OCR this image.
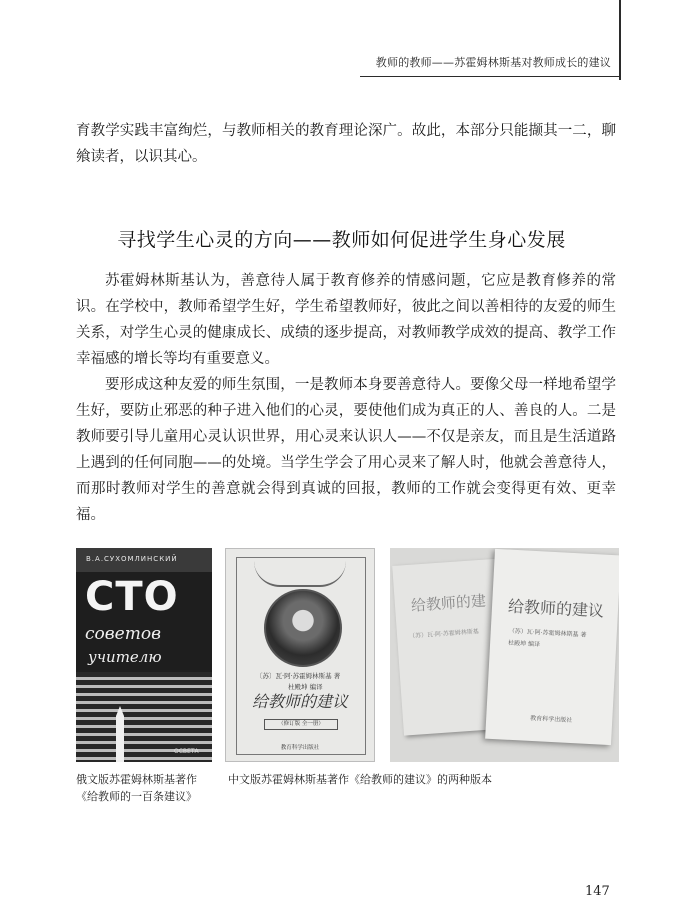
教师的教师——苏霍姆林斯基对教师成长的建议

育教学实践丰富绚烂，与教师相关的教育理论深广。故此，本部分只能撷其一二，聊飨读者，以识其心。

寻找学生心灵的方向——教师如何促进学生身心发展

苏霍姆林斯基认为，善意待人属于教育修养的情感问题，它应是教育修养的常识。在学校中，教师希望学生好，学生希望教师好，彼此之间以善相待的友爱的师生关系，对学生心灵的健康成长、成绩的逐步提高，对教师教学成效的提高、教学工作幸福感的增长等均有重要意义。

要形成这种友爱的师生氛围，一是教师本身要善意待人。要像父母一样地希望学生好，要防止邪恶的种子进入他们的心灵，要使他们成为真正的人、善良的人。二是教师要引导儿童用心灵认识世界，用心灵来认识人——不仅是亲友，而且是生活道路上遇到的任何同胞——的处境。当学生学会了用心灵来了解人时，他就会善意待人，而那时教师对学生的善意就会得到真诚的回报，教师的工作就会变得更有效、更幸福。

В.А.СУХОМЛИНСКИЙ
СТО
советов
учителю
ОСВЕТА
〔苏〕瓦·阿·苏霍姆林斯基 著
杜殿坤 编译
给教师的建议
（修订版 全一册）
教育科学出版社
给教师的建
（苏）瓦·阿·苏霍姆林斯基
给教师的建议
（苏）瓦·阿·苏霍姆林斯基 著
杜殿坤 编译
教育科学出版社

俄文版苏霍姆林斯基著作
《给教师的一百条建议》

中文版苏霍姆林斯基著作《给教师的建议》的两种版本

147
